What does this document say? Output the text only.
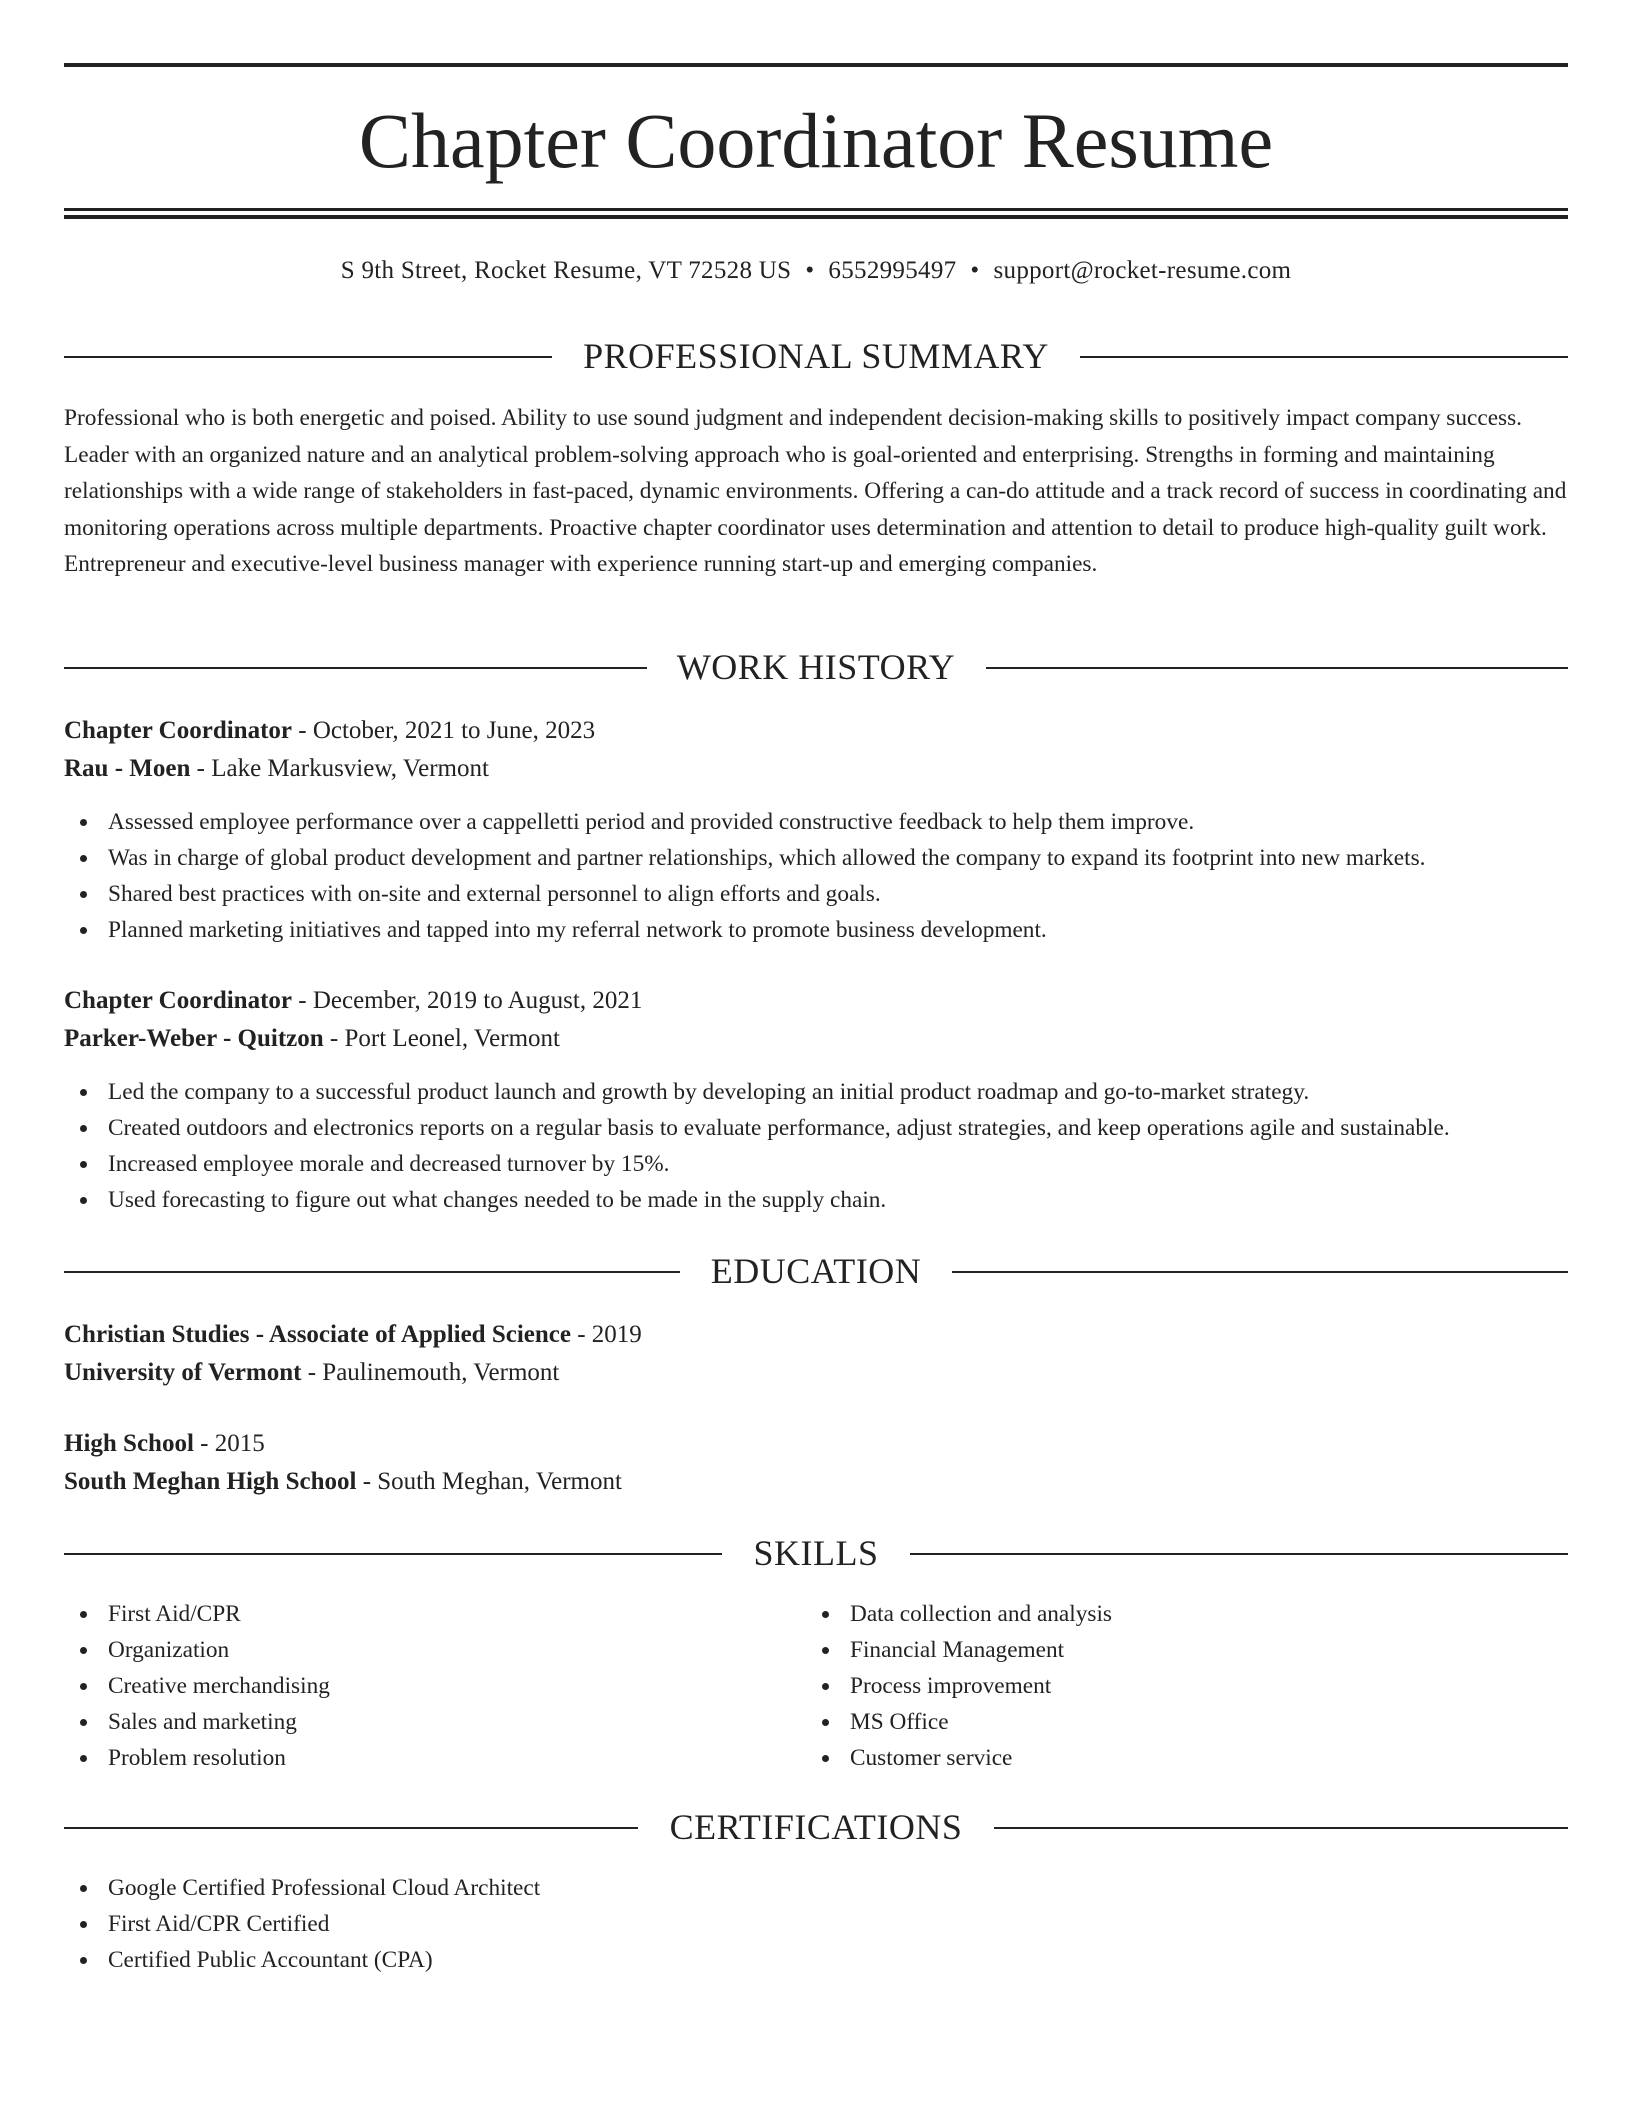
Chapter Coordinator Resume
S 9th Street, Rocket Resume, VT 72528 US • 6552995497 • support@rocket-resume.com
PROFESSIONAL SUMMARY

Professional who is both energetic and poised. Ability to use sound judgment and independent decision-making skills to positively impact company success. Leader with an organized nature and an analytical problem-solving approach who is goal-oriented and enterprising. Strengths in forming and maintaining relationships with a wide range of stakeholders in fast-paced, dynamic environments. Offering a can-do attitude and a track record of success in coordinating and monitoring operations across multiple departments. Proactive chapter coordinator uses determination and attention to detail to produce high-quality guilt work. Entrepreneur and executive-level business manager with experience running start-up and emerging companies.

WORK HISTORY
Chapter Coordinator - October, 2021 to June, 2023
Rau - Moen - Lake Markusview, Vermont
Assessed employee performance over a cappelletti period and provided constructive feedback to help them improve.
Was in charge of global product development and partner relationships, which allowed the company to expand its footprint into new markets.
Shared best practices with on-site and external personnel to align efforts and goals.
Planned marketing initiatives and tapped into my referral network to promote business development.
Chapter Coordinator - December, 2019 to August, 2021
Parker-Weber - Quitzon - Port Leonel, Vermont
Led the company to a successful product launch and growth by developing an initial product roadmap and go-to-market strategy.
Created outdoors and electronics reports on a regular basis to evaluate performance, adjust strategies, and keep operations agile and sustainable.
Increased employee morale and decreased turnover by 15%.
Used forecasting to figure out what changes needed to be made in the supply chain.
EDUCATION
Christian Studies - Associate of Applied Science - 2019
University of Vermont - Paulinemouth, Vermont
High School - 2015
South Meghan High School - South Meghan, Vermont
SKILLS
First Aid/CPR
Organization
Creative merchandising
Sales and marketing
Problem resolution
Data collection and analysis
Financial Management
Process improvement
MS Office
Customer service
CERTIFICATIONS
Google Certified Professional Cloud Architect
First Aid/CPR Certified
Certified Public Accountant (CPA)
